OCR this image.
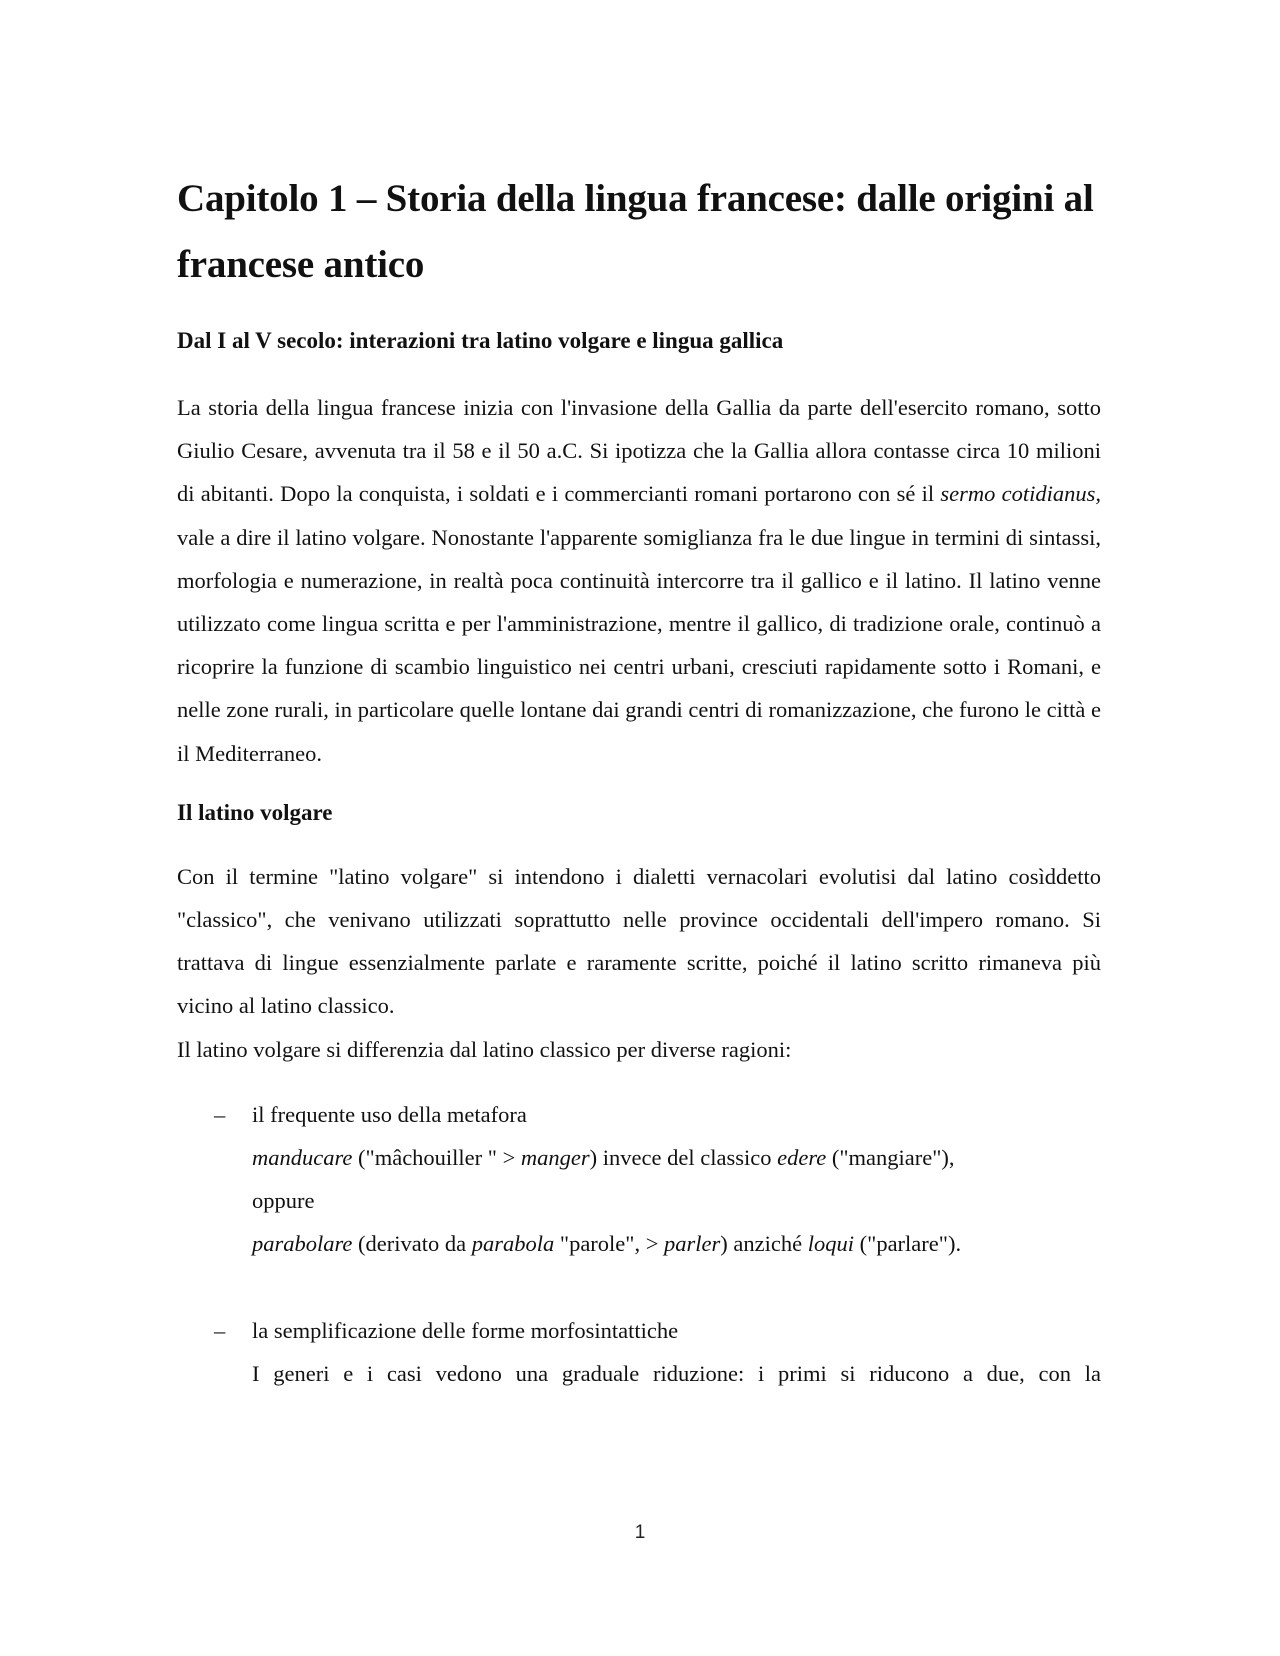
Capitolo 1 – Storia della lingua francese: dalle origini al francese antico
Dal I al V secolo: interazioni tra latino volgare e lingua gallica

La storia della lingua francese inizia con l'invasione della Gallia da parte dell'esercito romano, sotto Giulio Cesare, avvenuta tra il 58 e il 50 a.C. Si ipotizza che la Gallia allora contasse circa 10 milioni di abitanti. Dopo la conquista, i soldati e i commercianti romani portarono con sé il sermo cotidianus, vale a dire il latino volgare. Nonostante l'apparente somiglianza fra le due lingue in termini di sintassi, morfologia e numerazione, in realtà poca continuità intercorre tra il gallico e il latino. Il latino venne utilizzato come lingua scritta e per l'amministrazione, mentre il gallico, di tradizione orale, continuò a ricoprire la funzione di scambio linguistico nei centri urbani, cresciuti rapidamente sotto i Romani, e nelle zone rurali, in particolare quelle lontane dai grandi centri di romanizzazione, che furono le città e il Mediterraneo.

Il latino volgare

Con il termine "latino volgare" si intendono i dialetti vernacolari evolutisi dal latino cosìddetto "classico", che venivano utilizzati soprattutto nelle province occidentali dell'impero romano. Si trattava di lingue essenzialmente parlate e raramente scritte, poiché il latino scritto rimaneva più vicino al latino classico.

Il latino volgare si differenzia dal latino classico per diverse ragioni:

– il frequente uso della metafora
manducare ("mâchouiller " > manger) invece del classico edere ("mangiare"),
oppure
parabolare (derivato da parabola "parole", > parler) anziché loqui ("parlare").
– la semplificazione delle forme morfosintattiche
I generi e i casi vedono una graduale riduzione: i primi si riducono a due, con la
1
